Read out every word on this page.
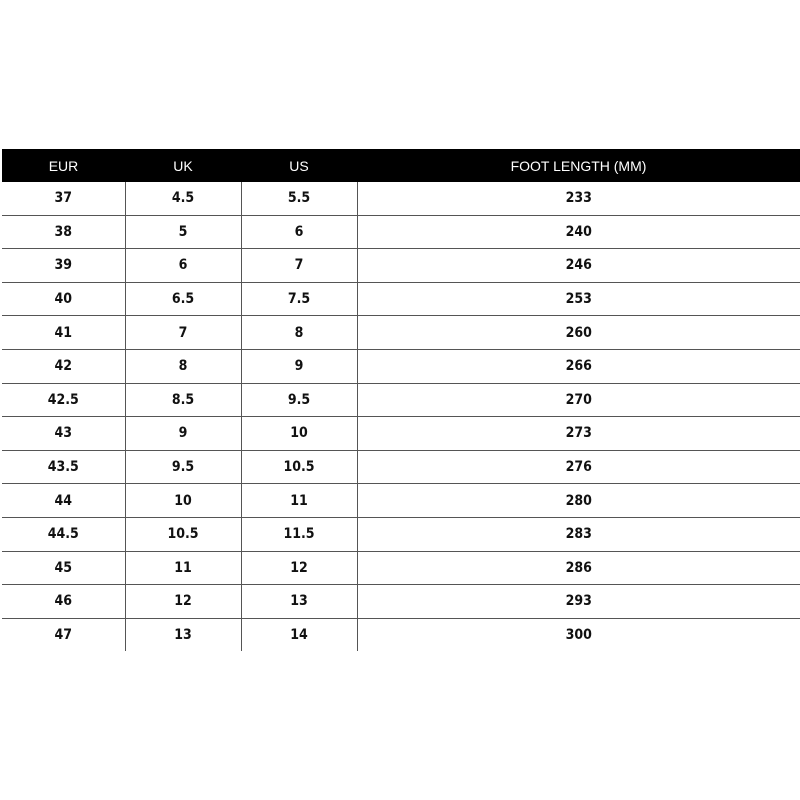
EUR	UK	US	FOOT LENGTH (MM)
37	4.5	5.5	233
38	5	6	240
39	6	7	246
40	6.5	7.5	253
41	7	8	260
42	8	9	266
42.5	8.5	9.5	270
43	9	10	273
43.5	9.5	10.5	276
44	10	11	280
44.5	10.5	11.5	283
45	11	12	286
46	12	13	293
47	13	14	300
